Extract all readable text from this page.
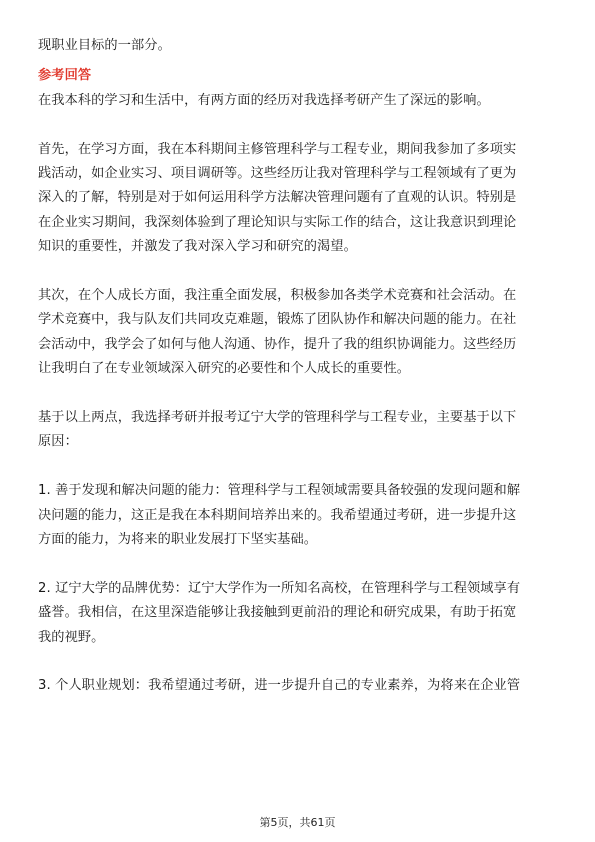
现职业目标的一部分。

参考回答

在我本科的学习和生活中，有两方面的经历对我选择考研产生了深远的影响。

首先，在学习方面，我在本科期间主修管理科学与工程专业，期间我参加了多项实
践活动，如企业实习、项目调研等。这些经历让我对管理科学与工程领域有了更为
深入的了解，特别是对于如何运用科学方法解决管理问题有了直观的认识。特别是
在企业实习期间，我深刻体验到了理论知识与实际工作的结合，这让我意识到理论
知识的重要性，并激发了我对深入学习和研究的渴望。

其次，在个人成长方面，我注重全面发展，积极参加各类学术竞赛和社会活动。在
学术竞赛中，我与队友们共同攻克难题，锻炼了团队协作和解决问题的能力。在社
会活动中，我学会了如何与他人沟通、协作，提升了我的组织协调能力。这些经历
让我明白了在专业领域深入研究的必要性和个人成长的重要性。

基于以上两点，我选择考研并报考辽宁大学的管理科学与工程专业，主要基于以下
原因：

1. 善于发现和解决问题的能力：管理科学与工程领域需要具备较强的发现问题和解
决问题的能力，这正是我在本科期间培养出来的。我希望通过考研，进一步提升这
方面的能力，为将来的职业发展打下坚实基础。

2. 辽宁大学的品牌优势：辽宁大学作为一所知名高校，在管理科学与工程领域享有
盛誉。我相信，在这里深造能够让我接触到更前沿的理论和研究成果，有助于拓宽
我的视野。

3. 个人职业规划：我希望通过考研，进一步提升自己的专业素养，为将来在企业管

第5页，共61页
